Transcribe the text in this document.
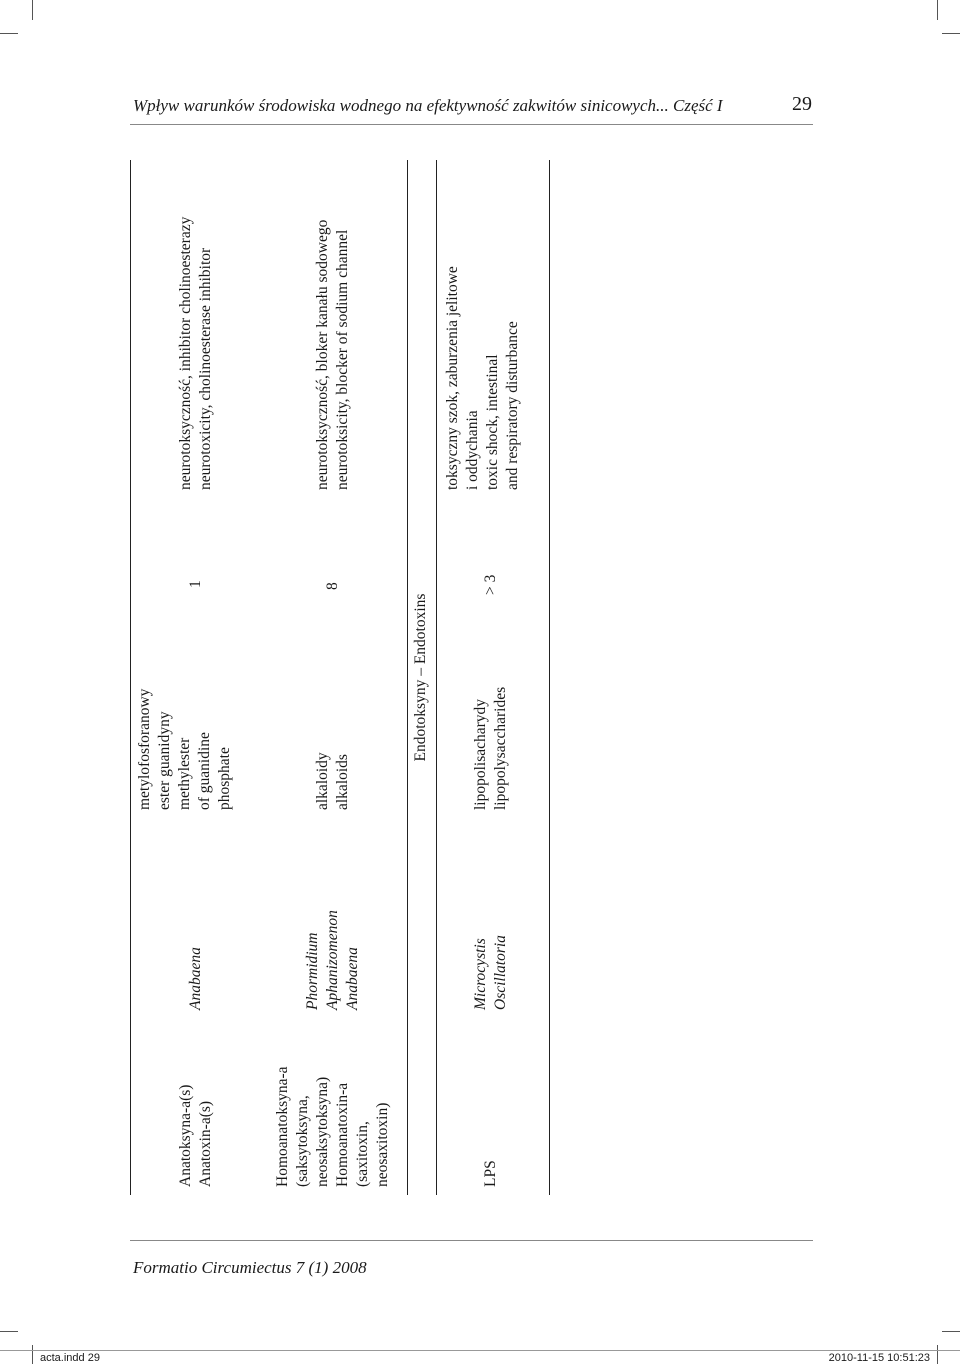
Wpływ warunków środowiska wodnego na efektywność zakwitów sinicowych... Część I	29
Anatoksyna-a(s) Anatoxin-a(s)
Anabaena
metylofosforanowy ester guanidyny methylester of guanidine phosphate
1
neurotoksyczność, inhibitor cholinoesterazy neurotoxicity, cholinoesterase inhibitor
Homoanatoksyna-a (saksytoksyna, neosaksytoksyna) Homoanatoxin-a (saxitoxin, neosaxitoxin)
Phormidium Aphanizomenon Anabaena
alkaloidy alkaloids
8
neurotoksyczność, bloker kanału sodowego neurotoksicity, blocker of sodium channel
Endotoksyny – Endotoxins
LPS
Microcystis Oscillatoria
lipopolisacharydy lipopolysaccharides
> 3
toksyczny szok, zaburzenia jelitowe i oddychania toxic shock, intestinal and respiratory disturbance
Formatio Circumiectus 7 (1) 2008
acta.indd 29	2010-11-15 10:51:23
